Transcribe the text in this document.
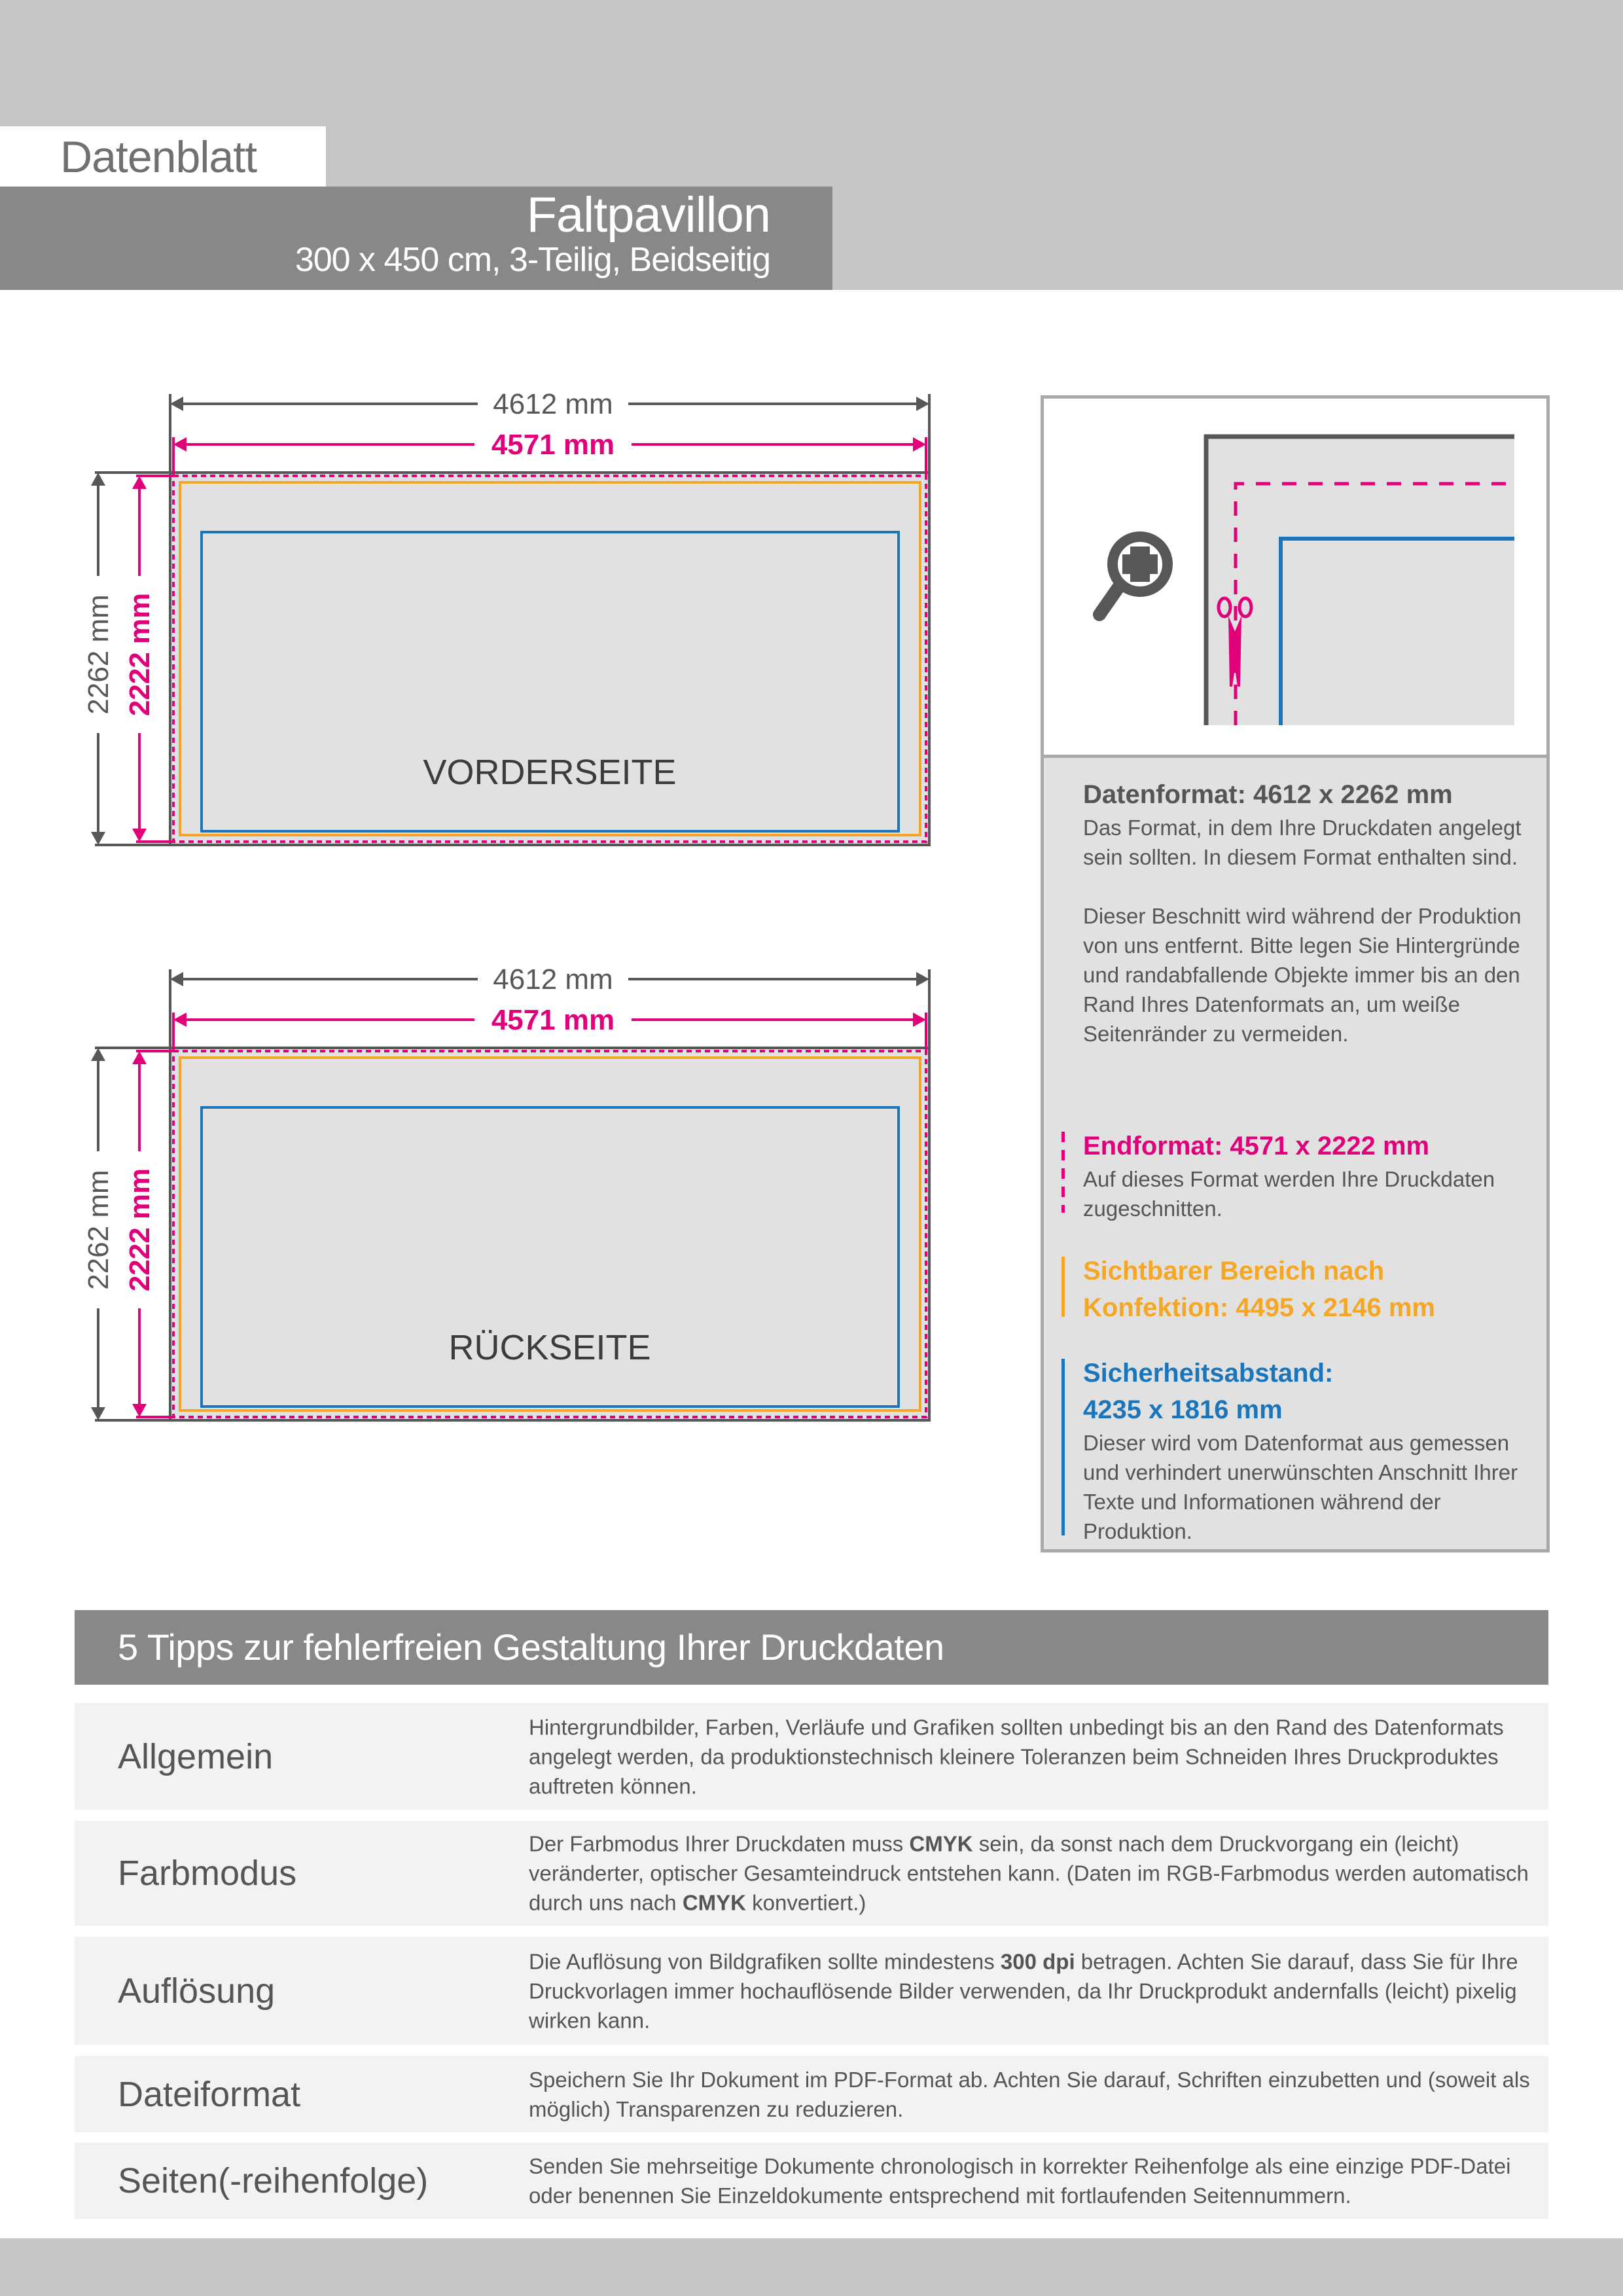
Datenblatt
Faltpavillon
300 x 450 cm, 3-Teilig, Beidseitig
4612 mm
4571 mm
2262 mm 2222 mm
VORDERSEITE
4612 mm
4571 mm
2262 mm 2222 mm
RÜCKSEITE
Datenformat: 4612 x 2262 mm
Das Format, in dem Ihre Druckdaten angelegt sein sollten. In diesem Format enthalten sind.
Dieser Beschnitt wird während der Produktion von uns entfernt. Bitte legen Sie Hintergründe und randabfallende Objekte immer bis an den Rand Ihres Datenformats an, um weiße Seitenränder zu vermeiden.
Endformat: 4571 x 2222 mm
Auf dieses Format werden Ihre Druckdaten zugeschnitten.
Sichtbarer Bereich nach
Konfektion: 4495 x 2146 mm
Sicherheitsabstand:
4235 x 1816 mm
Dieser wird vom Datenformat aus gemessen und verhindert unerwünschten Anschnitt Ihrer Texte und Informationen während der Produktion.
5 Tipps zur fehlerfreien Gestaltung Ihrer Druckdaten
Allgemein
Hintergrundbilder, Farben, Verläufe und Grafiken sollten unbedingt bis an den Rand des Datenformats angelegt werden, da produktionstechnisch kleinere Toleranzen beim Schneiden Ihres Druckproduktes auftreten können.
Farbmodus
Der Farbmodus Ihrer Druckdaten muss CMYK sein, da sonst nach dem Druckvorgang ein (leicht) veränderter, optischer Gesamteindruck entstehen kann. (Daten im RGB-Farbmodus werden automatisch durch uns nach CMYK konvertiert.)
Auflösung
Die Auflösung von Bildgrafiken sollte mindestens 300 dpi betragen. Achten Sie darauf, dass Sie für Ihre Druckvorlagen immer hochauflösende Bilder verwenden, da Ihr Druckprodukt andernfalls (leicht) pixelig wirken kann.
Dateiformat	Speichern Sie Ihr Dokument im PDF-Format ab. Achten Sie darauf, Schriften einzubetten und (soweit als möglich) Transparenzen zu reduzieren.
Seiten(-reihenfolge)	Senden Sie mehrseitige Dokumente chronologisch in korrekter Reihenfolge als eine einzige PDF-Datei oder benennen Sie Einzeldokumente entsprechend mit fortlaufenden Seitennummern.
